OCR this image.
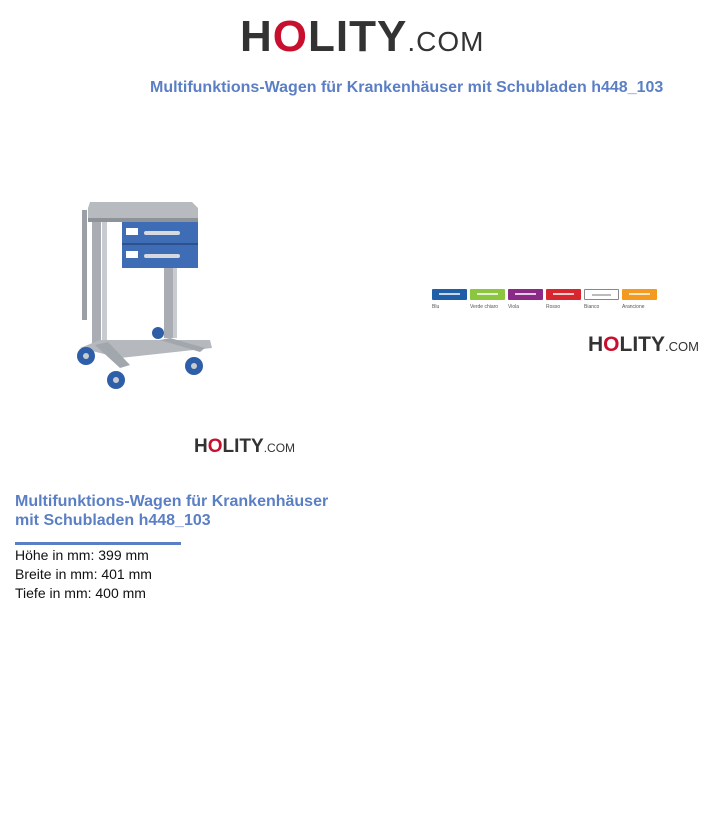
HOLITY.COM
Multifunktions-Wagen für Krankenhäuser mit Schubladen h448_103
HOLITY.COM
Blu	Verde chiaro Viola	Rosso	Bianco	Arancione
HOLITY.COM
Multifunktions-Wagen für Krankenhäuser
mit Schubladen h448_103
Höhe in mm: 399 mm
Breite in mm: 401 mm
Tiefe in mm: 400 mm
